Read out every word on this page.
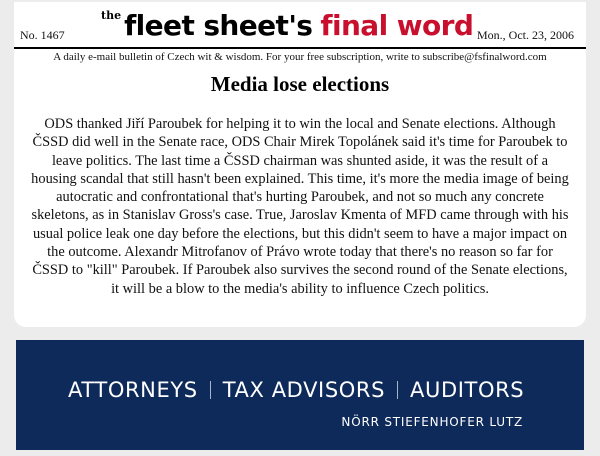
No. 1467
$^{the}$ fleet sheet's final word Mon., Oct. 23, 2006
A daily e-mail bulletin of Czech wit & wisdom. For your free subscription, write to subscribe@fsfinalword.com
Media lose elections

ODS thanked Jiří Paroubek for helping it to win the local and Senate elections. Although ČSSD did well in the Senate race, ODS Chair Mirek Topolánek said it's time for Paroubek to leave politics. The last time a ČSSD chairman was shunted aside, it was the result of a housing scandal that still hasn't been explained. This time, it's more the media image of being autocratic and confrontational that's hurting Paroubek, and not so much any concrete skeletons, as in Stanislav Gross's case. True, Jaroslav Kmenta of MFD came through with his usual police leak one day before the elections, but this didn't seem to have a major impact on the outcome. Alexandr Mitrofanov of Právo wrote today that there's no reason so far for ČSSD to "kill" Paroubek. If Paroubek also survives the second round of the Senate elections, it will be a blow to the media's ability to influence Czech politics.

ATTORNEYS TAX ADVISORS AUDITORS
NÖRR STIEFENHOFER LUTZ
